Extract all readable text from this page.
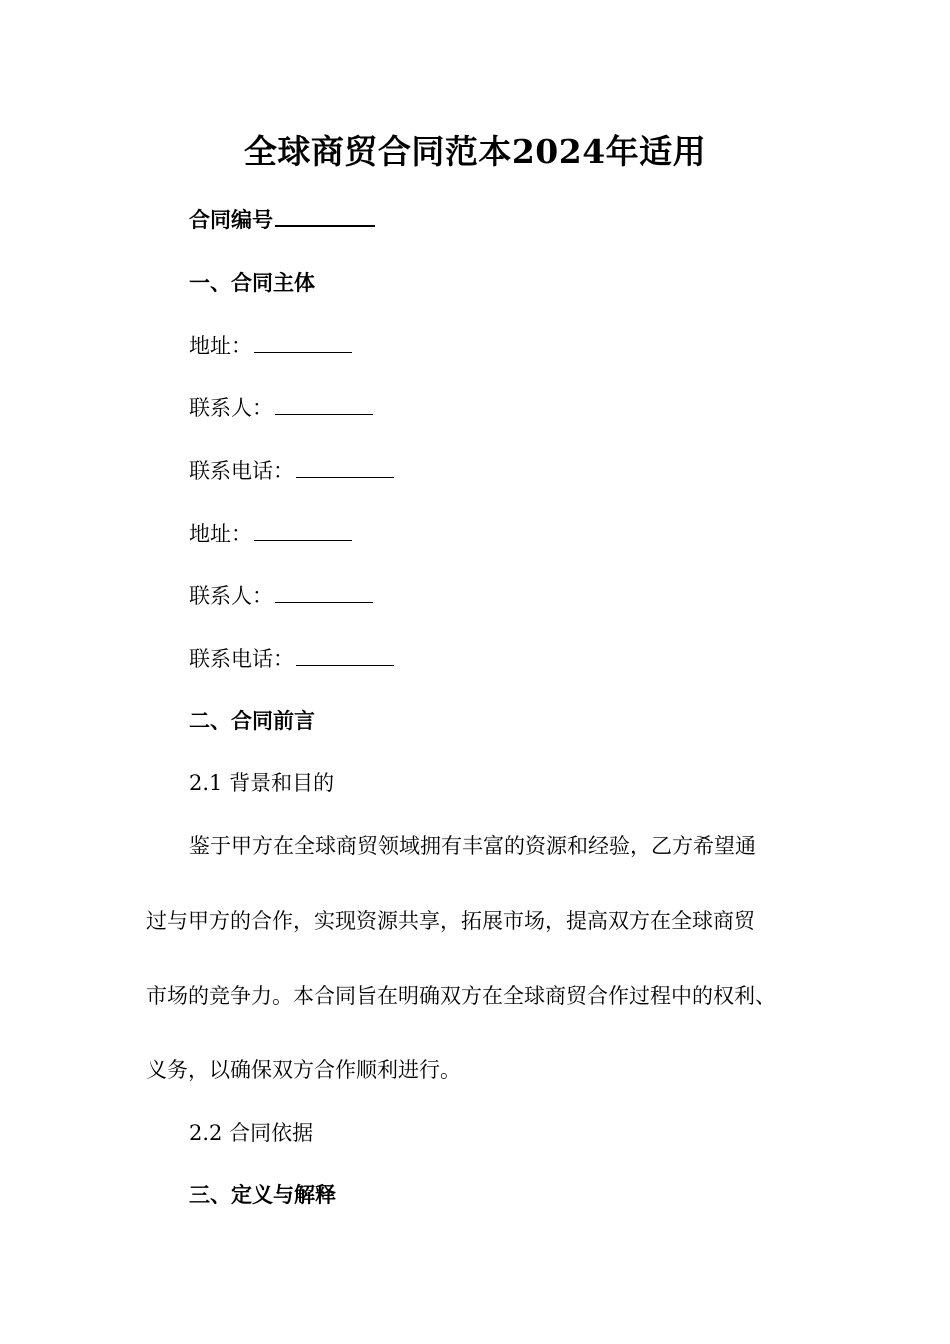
全球商贸合同范本2024年适用
合同编号
一、合同主体
地址：
联系人：
联系电话：
地址：
联系人：
联系电话：
二、合同前言
2.1 背景和目的
鉴于甲方在全球商贸领域拥有丰富的资源和经验，乙方希望通
过与甲方的合作，实现资源共享，拓展市场，提高双方在全球商贸
市场的竞争力。本合同旨在明确双方在全球商贸合作过程中的权利、
义务，以确保双方合作顺利进行。
2.2 合同依据
三、定义与解释
